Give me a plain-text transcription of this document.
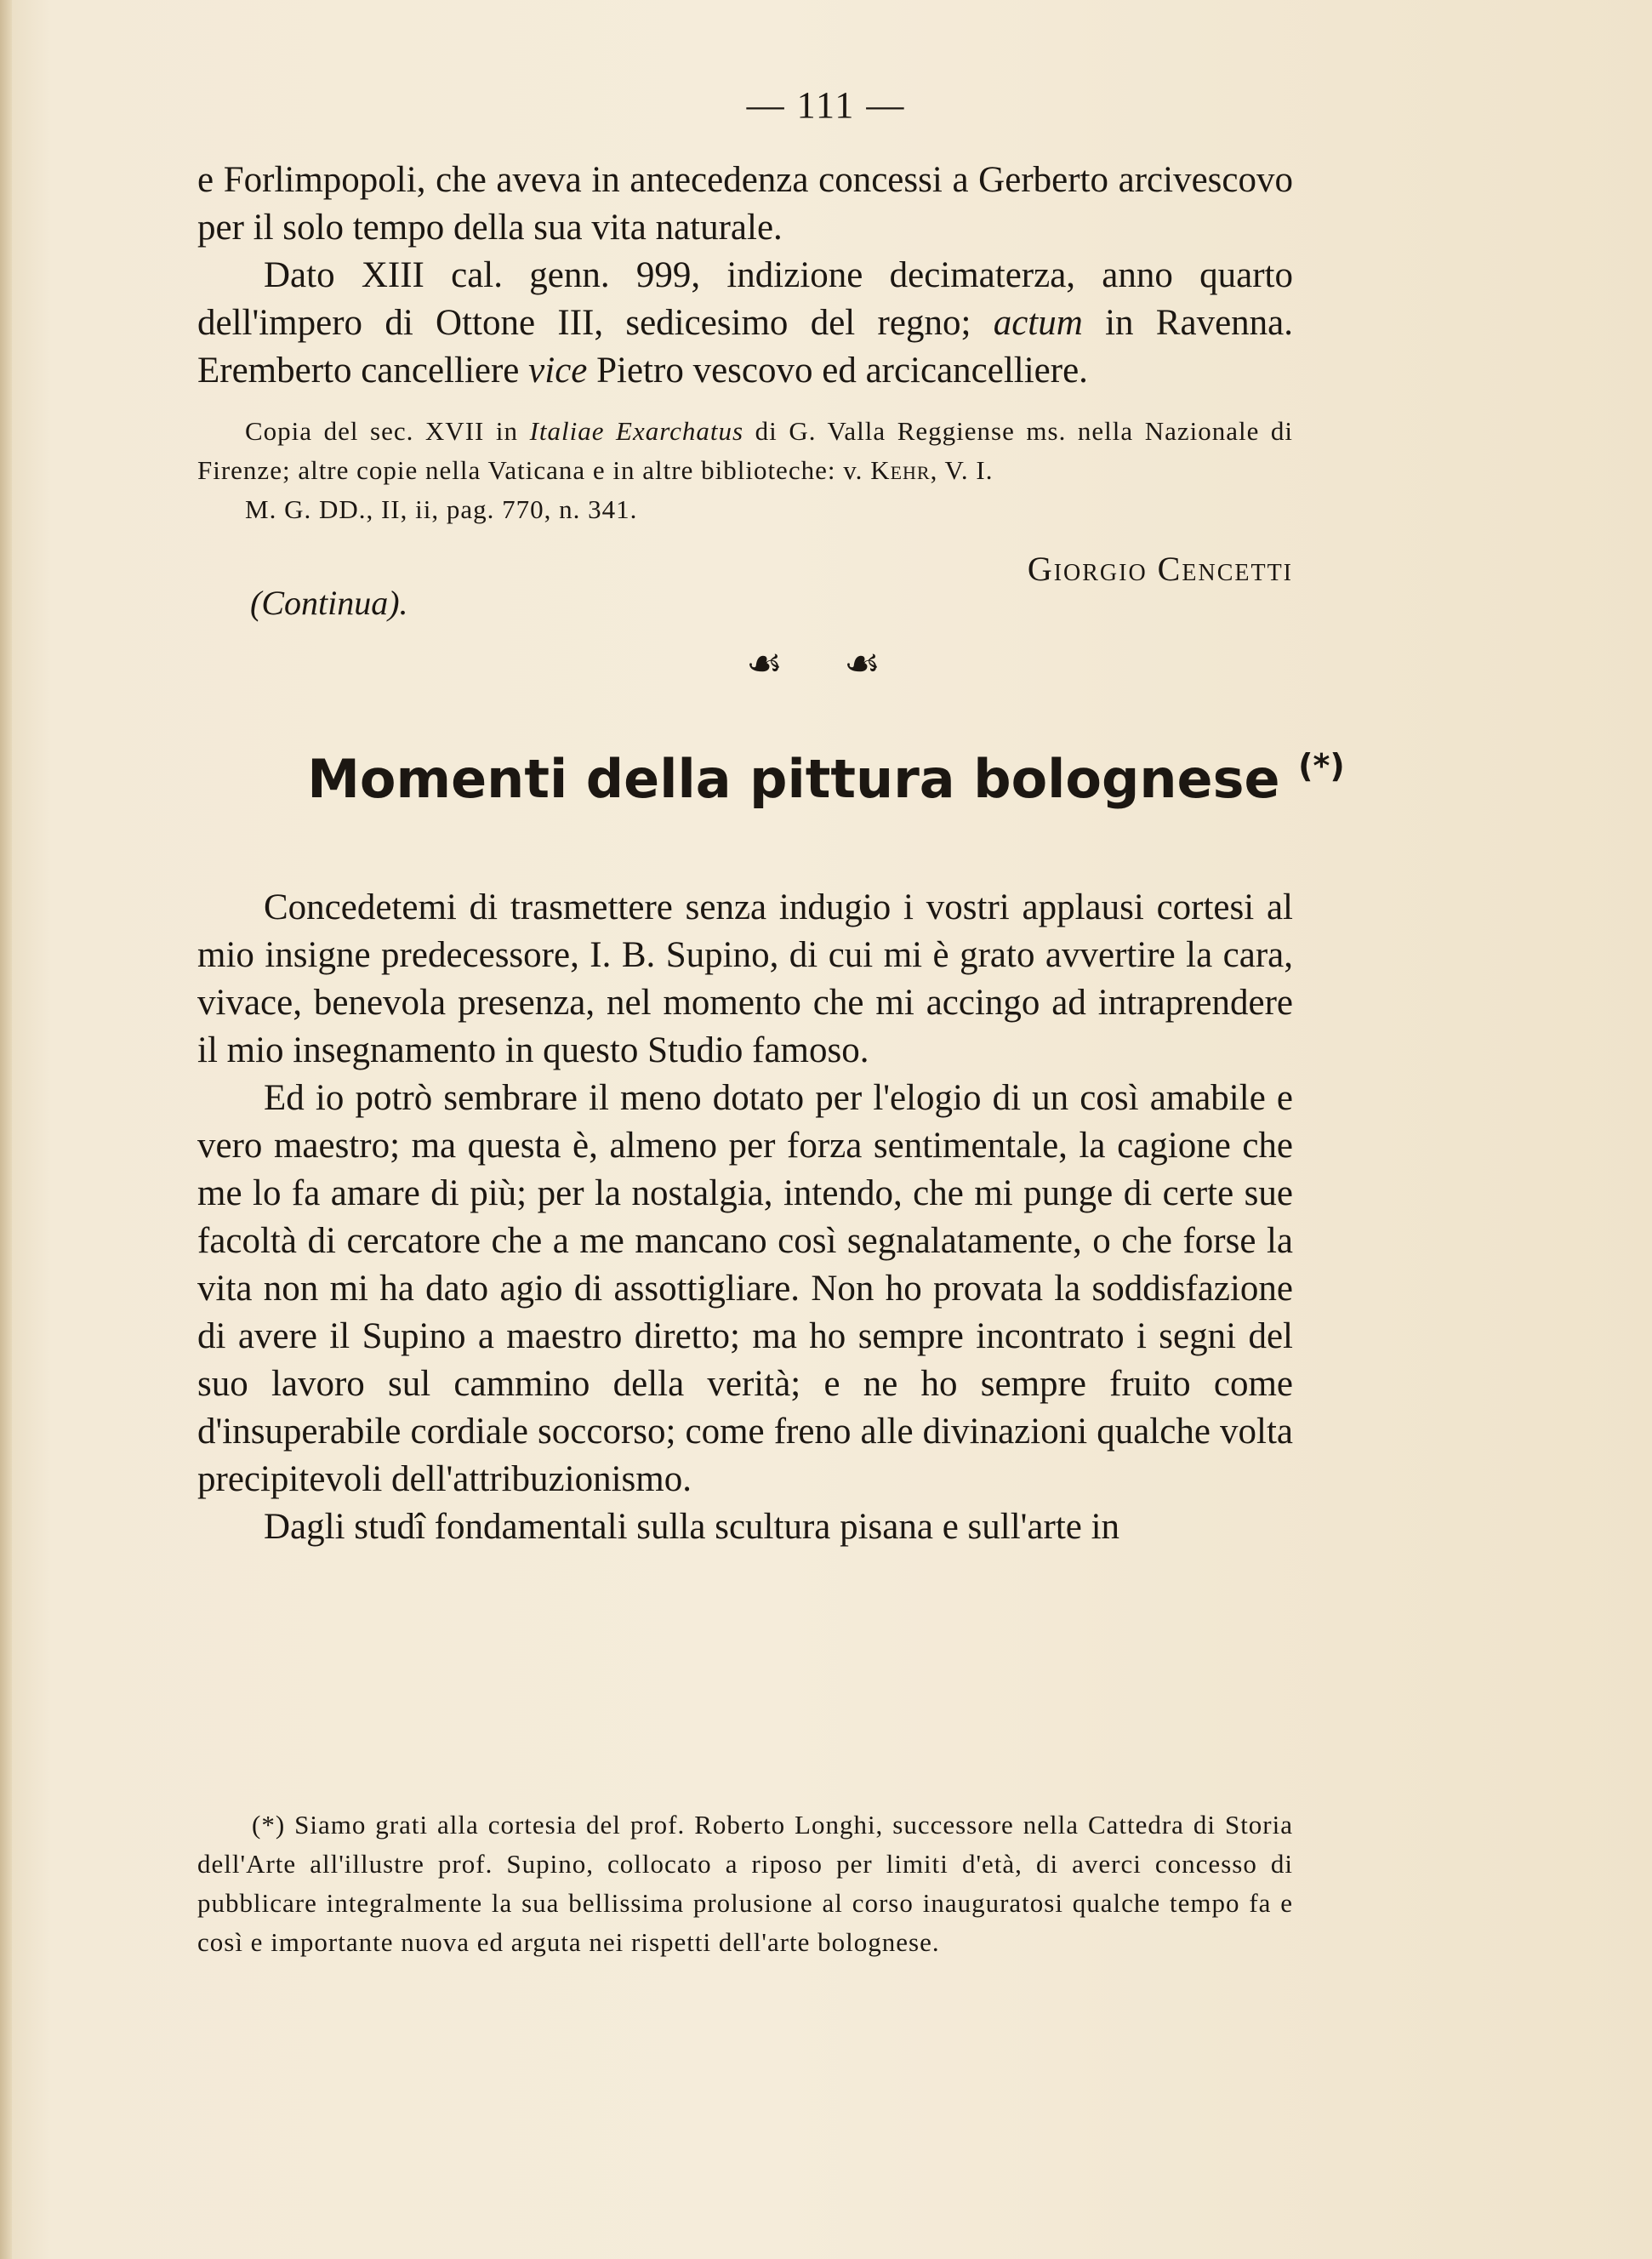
— 111 —

e Forlimpopoli, che aveva in antecedenza concessi a Gerberto arcivescovo per il solo tempo della sua vita naturale.

Dato XIII cal. genn. 999, indizione decimaterza, anno quarto dell'impero di Ottone III, sedicesimo del regno; actum in Ravenna. Eremberto cancelliere vice Pietro vescovo ed arcicancelliere.

Copia del sec. XVII in Italiae Exarchatus di G. Valla Reggiense ms. nella Nazionale di Firenze; altre copie nella Vaticana e in altre biblioteche: v. Kehr, V. I.

M. G. DD., II, ii, pag. 770, n. 341.

(Continua).
Giorgio Cencetti
☙ ☙
Momenti della pittura bolognese (*)

Concedetemi di trasmettere senza indugio i vostri applausi cortesi al mio insigne predecessore, I. B. Supino, di cui mi è grato avvertire la cara, vivace, benevola presenza, nel momento che mi accingo ad intraprendere il mio insegnamento in questo Studio famoso.

Ed io potrò sembrare il meno dotato per l'elogio di un così amabile e vero maestro; ma questa è, almeno per forza sentimentale, la cagione che me lo fa amare di più; per la nostalgia, intendo, che mi punge di certe sue facoltà di cercatore che a me mancano così segnalatamente, o che forse la vita non mi ha dato agio di assottigliare. Non ho provata la soddisfazione di avere il Supino a maestro diretto; ma ho sempre incontrato i segni del suo lavoro sul cammino della verità; e ne ho sempre fruito come d'insuperabile cordiale soccorso; come freno alle divinazioni qualche volta precipitevoli dell'attribuzionismo.

Dagli studî fondamentali sulla scultura pisana e sull'arte in

(*) Siamo grati alla cortesia del prof. Roberto Longhi, successore nella Cattedra di Storia dell'Arte all'illustre prof. Supino, collocato a riposo per limiti d'età, di averci concesso di pubblicare integralmente la sua bellissima prolusione al corso inauguratosi qualche tempo fa e così e importante nuova ed arguta nei rispetti dell'arte bolognese.
